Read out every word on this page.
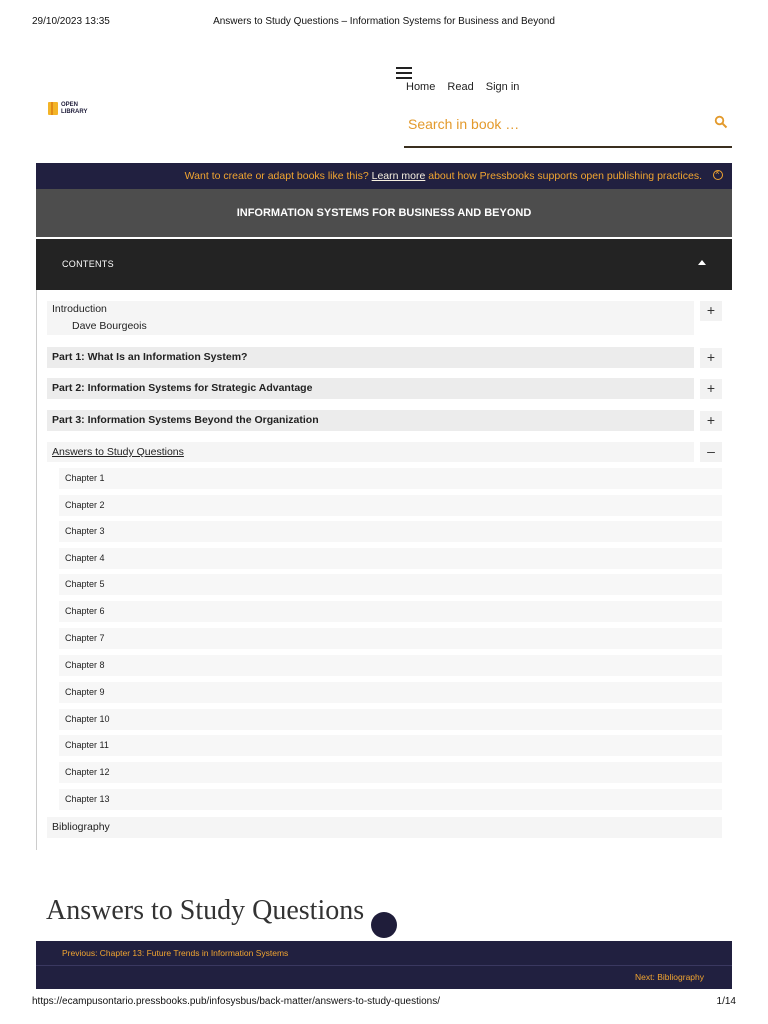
29/10/2023 13:35	Answers to Study Questions – Information Systems for Business and Beyond
Home Read Sign in
OPEN
LIBRARY
Search in book …
Want to create or adapt books like this? Learn more about how Pressbooks supports open publishing practices.
×
INFORMATION SYSTEMS FOR BUSINESS AND BEYOND
CONTENTS
Introduction
Dave Bourgeois
+
Part 1: What Is an Information System?	+
Part 2: Information Systems for Strategic Advantage	+
Part 3: Information Systems Beyond the Organization	+
Answers to Study Questions	–
Chapter 1
Chapter 2
Chapter 3
Chapter 4
Chapter 5
Chapter 6
Chapter 7
Chapter 8
Chapter 9
Chapter 10
Chapter 11
Chapter 12
Chapter 13
Bibliography
Answers to Study Questions
Previous: Chapter 13: Future Trends in Information Systems
Next: Bibliography
https://ecampusontario.pressbooks.pub/infosysbus/back-matter/answers-to-study-questions/	1/14
